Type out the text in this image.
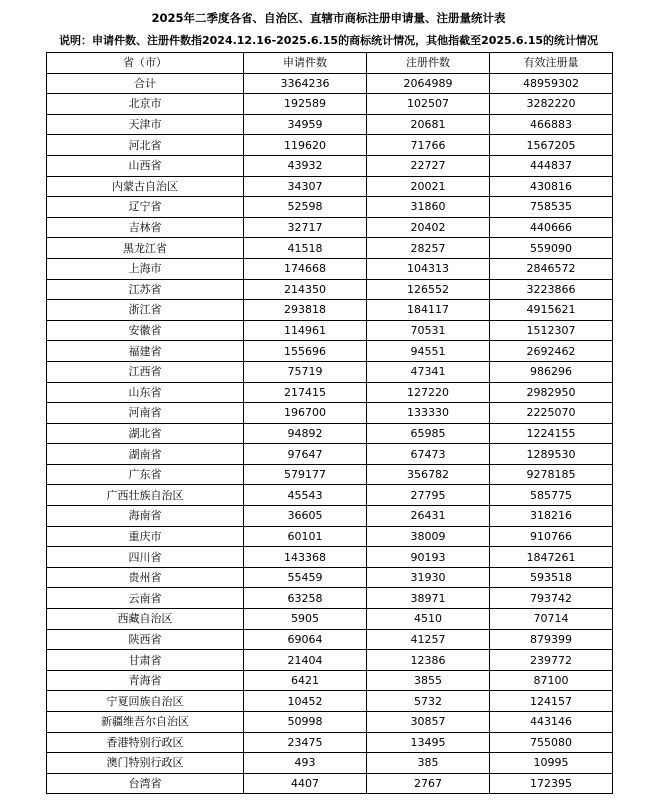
2025年二季度各省、自治区、直辖市商标注册申请量、注册量统计表
说明：申请件数、注册件数指2024.12.16-2025.6.15的商标统计情况，其他指截至2025.6.15的统计情况
省（市）	申请件数	注册件数	有效注册量
合计	3364236	2064989	48959302
北京市	192589	102507	3282220
天津市	34959	20681	466883
河北省	119620	71766	1567205
山西省	43932	22727	444837
内蒙古自治区	34307	20021	430816
辽宁省	52598	31860	758535
吉林省	32717	20402	440666
黑龙江省	41518	28257	559090
上海市	174668	104313	2846572
江苏省	214350	126552	3223866
浙江省	293818	184117	4915621
安徽省	114961	70531	1512307
福建省	155696	94551	2692462
江西省	75719	47341	986296
山东省	217415	127220	2982950
河南省	196700	133330	2225070
湖北省	94892	65985	1224155
湖南省	97647	67473	1289530
广东省	579177	356782	9278185
广西壮族自治区	45543	27795	585775
海南省	36605	26431	318216
重庆市	60101	38009	910766
四川省	143368	90193	1847261
贵州省	55459	31930	593518
云南省	63258	38971	793742
西藏自治区	5905	4510	70714
陕西省	69064	41257	879399
甘肃省	21404	12386	239772
青海省	6421	3855	87100
宁夏回族自治区	10452	5732	124157
新疆维吾尔自治区	50998	30857	443146
香港特别行政区	23475	13495	755080
澳门特别行政区	493	385	10995
台湾省	4407	2767	172395
